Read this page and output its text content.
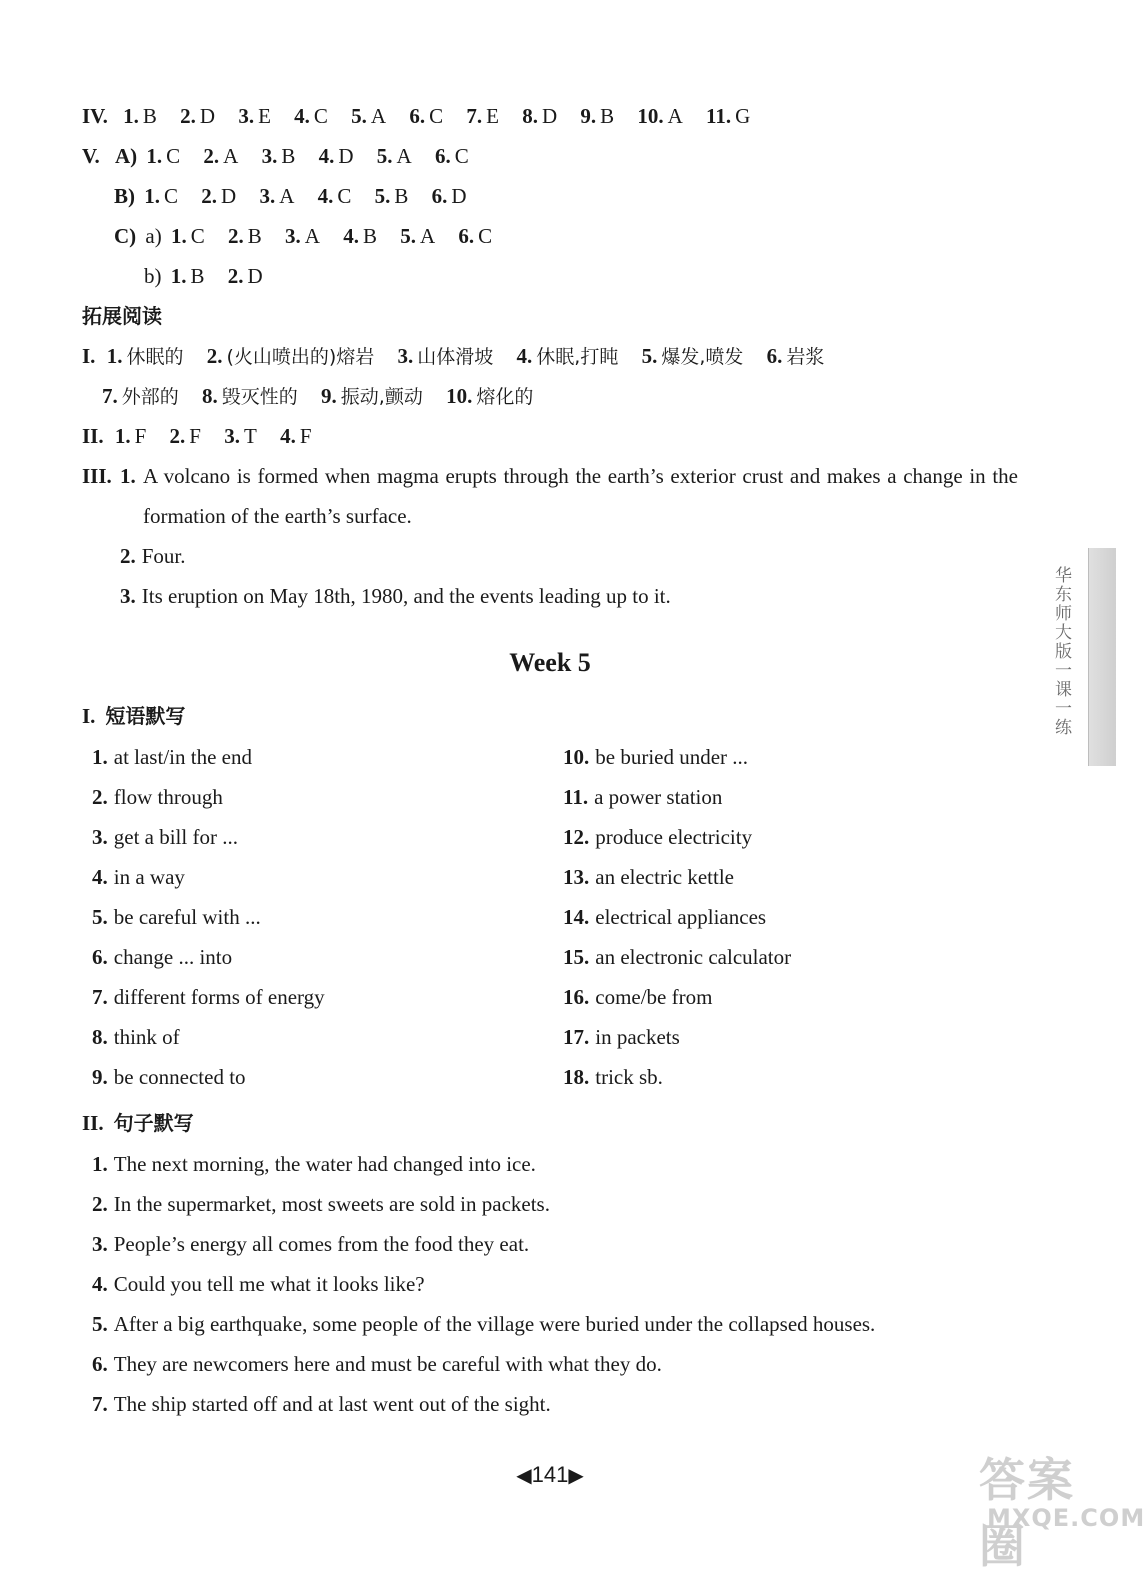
IV. 1. B 2. D 3. E 4. C 5. A 6. C 7. E 8. D 9. B 10. A 11. G
V. A) 1. C 2. A 3. B 4. D 5. A 6. C
B) 1. C 2. D 3. A 4. C 5. B 6. D
C) a) 1. C 2. B 3. A 4. B 5. A 6. C
b) 1. B 2. D
拓展阅读
I. 1. 休眠的 2. (火山喷出的)熔岩 3. 山体滑坡 4. 休眠,打盹 5. 爆发,喷发 6. 岩浆
7. 外部的 8. 毁灭性的 9. 振动,颤动 10. 熔化的
II. 1. F 2. F 3. T 4. F
III. 1. A volcano is formed when magma erupts through the earth’s exterior crust and makes a change in the formation of the earth’s surface.
2. Four.
3. Its eruption on May 18th, 1980, and the events leading up to it.
Week 5
I. 短语默写
1. at last/in the end
2. flow through
3. get a bill for ...
4. in a way
5. be careful with ...
6. change ... into
7. different forms of energy
8. think of
9. be connected to
10. be buried under ...
11. a power station
12. produce electricity
13. an electric kettle
14. electrical appliances
15. an electronic calculator
16. come/be from
17. in packets
18. trick sb.
II. 句子默写
1. The next morning, the water had changed into ice.
2. In the supermarket, most sweets are sold in packets.
3. People’s energy all comes from the food they eat.
4. Could you tell me what it looks like?
5. After a big earthquake, some people of the village were buried under the collapsed houses.
6. They are newcomers here and must be careful with what they do.
7. The ship started off and at last went out of the sight.
华东师大版一课一练
◀141▶	答案圈
MXQE.COM
